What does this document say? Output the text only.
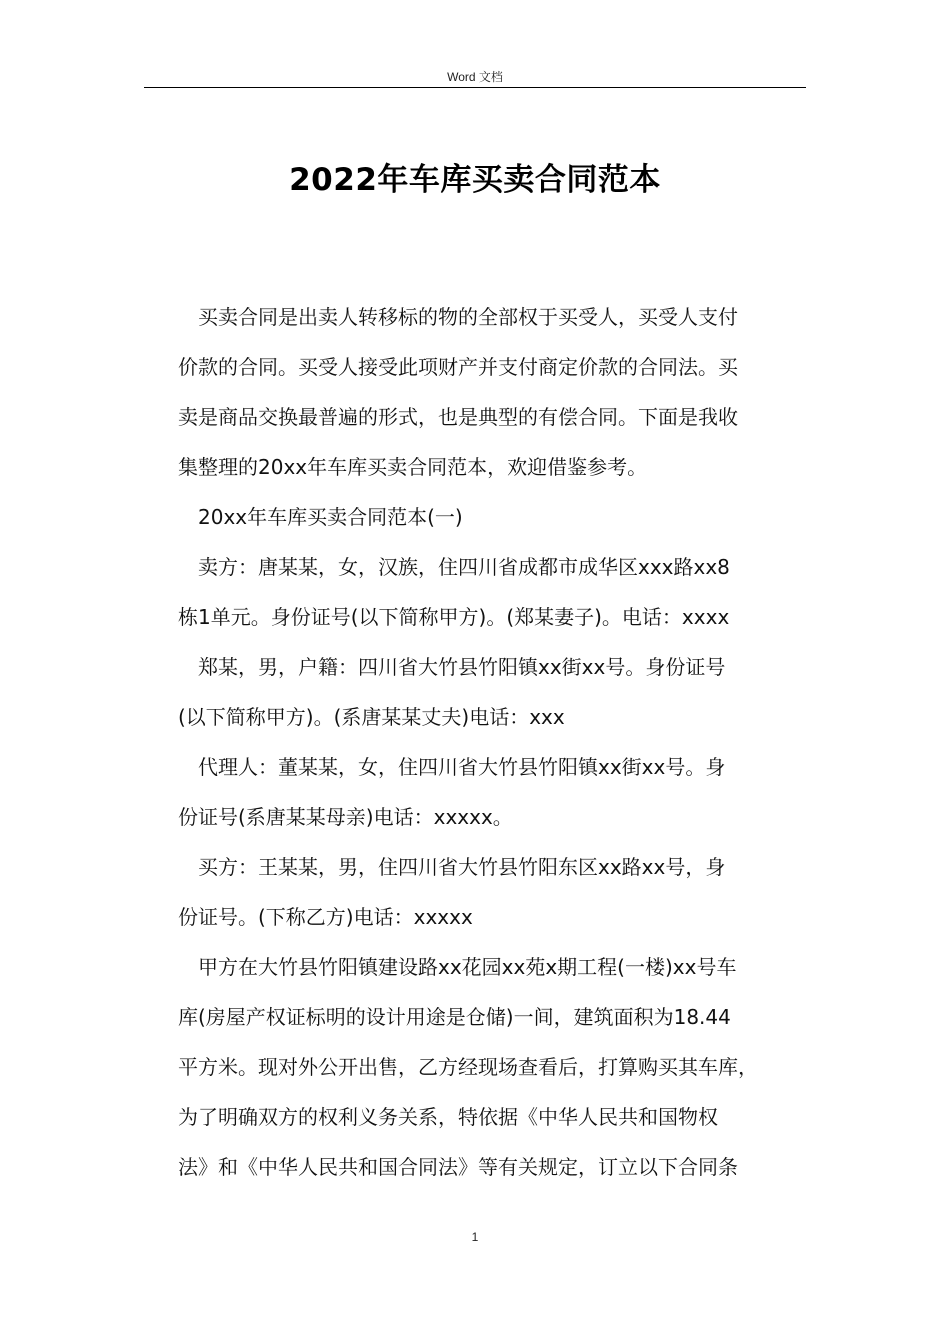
Word 文档
2022年车库买卖合同范本
买卖合同是出卖人转移标的物的全部权于买受人，买受人支付
价款的合同。买受人接受此项财产并支付商定价款的合同法。买
卖是商品交换最普遍的形式，也是典型的有偿合同。下面是我收
集整理的20xx年车库买卖合同范本，欢迎借鉴参考。
20xx年车库买卖合同范本(一)
卖方：唐某某，女，汉族，住四川省成都市成华区xxx路xx8
栋1单元。身份证号(以下简称甲方)。(郑某妻子)。电话：xxxx
郑某，男，户籍：四川省大竹县竹阳镇xx街xx号。身份证号
(以下简称甲方)。(系唐某某丈夫)电话：xxx
代理人：董某某，女，住四川省大竹县竹阳镇xx街xx号。身
份证号(系唐某某母亲)电话：xxxxx。
买方：王某某，男，住四川省大竹县竹阳东区xx路xx号，身
份证号。(下称乙方)电话：xxxxx
甲方在大竹县竹阳镇建设路xx花园xx苑x期工程(一楼)xx号车
库(房屋产权证标明的设计用途是仓储)一间，建筑面积为18.44
平方米。现对外公开出售，乙方经现场查看后，打算购买其车库，
为了明确双方的权利义务关系，特依据《中华人民共和国物权
法》和《中华人民共和国合同法》等有关规定，订立以下合同条
1
